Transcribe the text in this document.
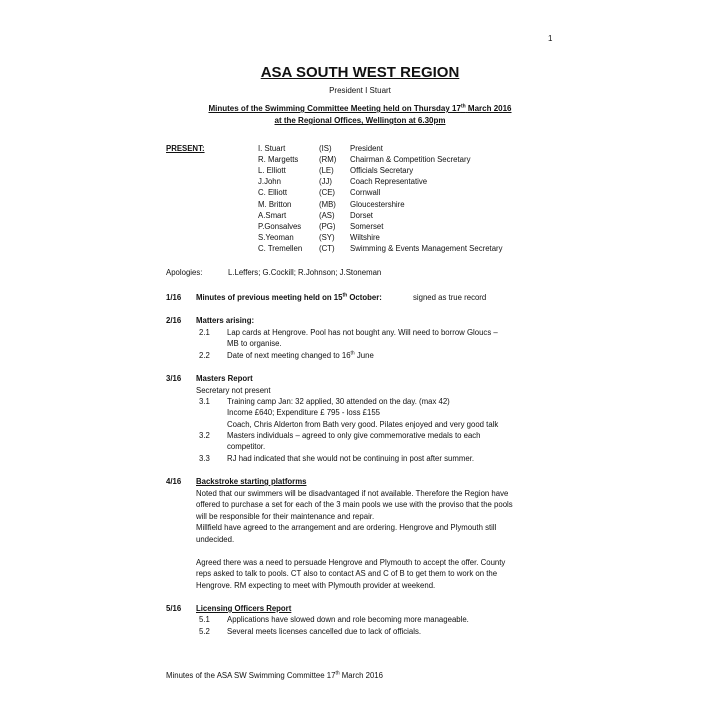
1
ASA SOUTH WEST REGION
President I Stuart
Minutes of the Swimming Committee Meeting held on Thursday 17th March 2016
at the Regional Offices, Wellington at 6.30pm
PRESENT:	I. Stuart	(IS) President
R. Margetts	(RM) Chairman & Competition Secretary
L. Elliott	(LE) Officials Secretary
J.John	(JJ) Coach Representative
C. Elliott	(CE) Cornwall
M. Britton	(MB) Gloucestershire
A.Smart	(AS) Dorset
P.Gonsalves (PG) Somerset
S.Yeoman	(SY) Wiltshire
C. Tremellen (CT) Swimming & Events Management Secretary
Apologies:	L.Leffers; G.Cockill; R.Johnson; J.Stoneman
1/16 Minutes of previous meeting held on 15th October:	signed as true record
2/16 Matters arising:
2.1 Lap cards at Hengrove. Pool has not bought any. Will need to borrow Gloucs –
MB to organise.
2.2 Date of next meeting changed to 16th June
3/16 Masters Report
Secretary not present
3.1 Training camp Jan: 32 applied, 30 attended on the day. (max 42)
Income £640; Expenditure £ 795 - loss £155
Coach, Chris Alderton from Bath very good. Pilates enjoyed and very good talk
3.2 Masters individuals – agreed to only give commemorative medals to each
competitor.
3.3 RJ had indicated that she would not be continuing in post after summer.
4/16 Backstroke starting platforms
Noted that our swimmers will be disadvantaged if not available. Therefore the Region have
offered to purchase a set for each of the 3 main pools we use with the proviso that the pools
will be responsible for their maintenance and repair.
Millfield have agreed to the arrangement and are ordering. Hengrove and Plymouth still
undecided.
Agreed there was a need to persuade Hengrove and Plymouth to accept the offer. County
reps asked to talk to pools. CT also to contact AS and C of B to get them to work on the
Hengrove. RM expecting to meet with Plymouth provider at weekend.
5/16 Licensing Officers Report
5.1 Applications have slowed down and role becoming more manageable.
5.2 Several meets licenses cancelled due to lack of officials.
Minutes of the ASA SW Swimming Committee 17th March 2016
